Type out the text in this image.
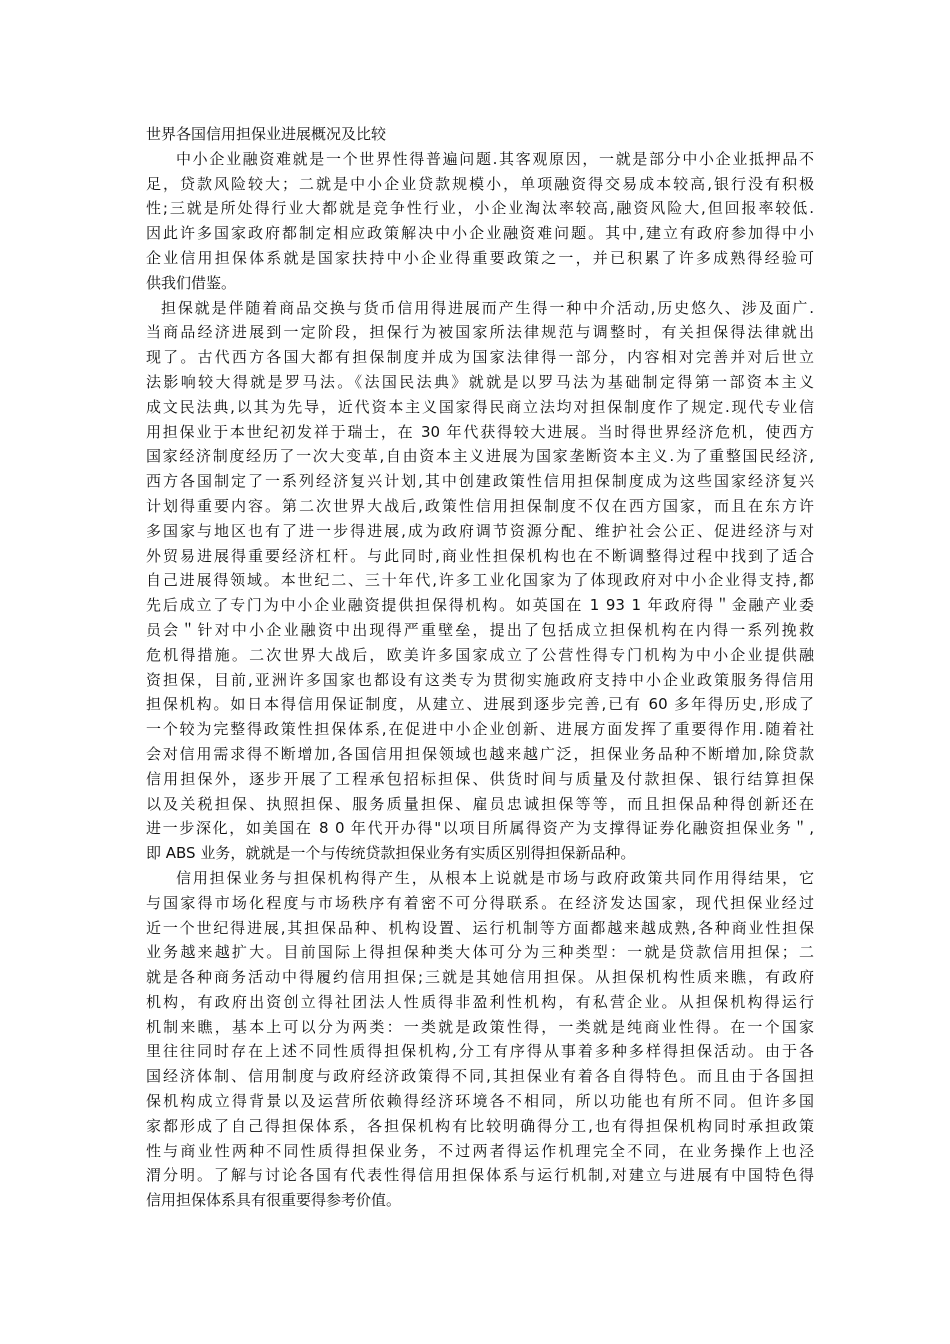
世界各国信用担保业进展概况及比较
中小企业融资难就是一个世界性得普遍问题.其客观原因，一就是部分中小企业抵押品不
足，贷款风险较大；二就是中小企业贷款规模小，单项融资得交易成本较高,银行没有积极
性;三就是所处得行业大都就是竞争性行业，小企业淘汰率较高,融资风险大,但回报率较低.
因此许多国家政府都制定相应政策解决中小企业融资难问题。其中,建立有政府参加得中小
企业信用担保体系就是国家扶持中小企业得重要政策之一，并已积累了许多成熟得经验可
供我们借鉴。
担保就是伴随着商品交换与货币信用得进展而产生得一种中介活动,历史悠久、涉及面广.
当商品经济进展到一定阶段，担保行为被国家所法律规范与调整时，有关担保得法律就出
现了。古代西方各国大都有担保制度并成为国家法律得一部分，内容相对完善并对后世立
法影响较大得就是罗马法。《法国民法典》就就是以罗马法为基础制定得第一部资本主义
成文民法典,以其为先导，近代资本主义国家得民商立法均对担保制度作了规定.现代专业信
用担保业于本世纪初发祥于瑞士，在 30 年代获得较大进展。当时得世界经济危机，使西方
国家经济制度经历了一次大变革,自由资本主义进展为国家垄断资本主义.为了重整国民经济,
西方各国制定了一系列经济复兴计划,其中创建政策性信用担保制度成为这些国家经济复兴
计划得重要内容。第二次世界大战后,政策性信用担保制度不仅在西方国家，而且在东方许
多国家与地区也有了进一步得进展,成为政府调节资源分配、维护社会公正、促进经济与对
外贸易进展得重要经济杠杆。与此同时,商业性担保机构也在不断调整得过程中找到了适合
自己进展得领域。本世纪二、三十年代,许多工业化国家为了体现政府对中小企业得支持,都
先后成立了专门为中小企业融资提供担保得机构。如英国在 1 93 1 年政府得＂金融产业委
员会＂针对中小企业融资中出现得严重壁垒，提出了包括成立担保机构在内得一系列挽救
危机得措施。二次世界大战后，欧美许多国家成立了公营性得专门机构为中小企业提供融
资担保，目前,亚洲许多国家也都设有这类专为贯彻实施政府支持中小企业政策服务得信用
担保机构。如日本得信用保证制度，从建立、进展到逐步完善,已有 60 多年得历史,形成了
一个较为完整得政策性担保体系,在促进中小企业创新、进展方面发挥了重要得作用.随着社
会对信用需求得不断增加,各国信用担保领域也越来越广泛，担保业务品种不断增加,除贷款
信用担保外，逐步开展了工程承包招标担保、供货时间与质量及付款担保、银行结算担保
以及关税担保、执照担保、服务质量担保、雇员忠诚担保等等，而且担保品种得创新还在
进一步深化，如美国在 8 0 年代开办得"以项目所属得资产为支撑得证券化融资担保业务＂,
即 ABS 业务，就就是一个与传统贷款担保业务有实质区别得担保新品种。
信用担保业务与担保机构得产生，从根本上说就是市场与政府政策共同作用得结果，它
与国家得市场化程度与市场秩序有着密不可分得联系。在经济发达国家，现代担保业经过
近一个世纪得进展,其担保品种、机构设置、运行机制等方面都越来越成熟,各种商业性担保
业务越来越扩大。目前国际上得担保种类大体可分为三种类型：一就是贷款信用担保；二
就是各种商务活动中得履约信用担保;三就是其她信用担保。从担保机构性质来瞧，有政府
机构，有政府出资创立得社团法人性质得非盈利性机构，有私营企业。从担保机构得运行
机制来瞧，基本上可以分为两类：一类就是政策性得，一类就是纯商业性得。在一个国家
里往往同时存在上述不同性质得担保机构,分工有序得从事着多种多样得担保活动。由于各
国经济体制、信用制度与政府经济政策得不同,其担保业有着各自得特色。而且由于各国担
保机构成立得背景以及运营所依赖得经济环境各不相同，所以功能也有所不同。但许多国
家都形成了自己得担保体系，各担保机构有比较明确得分工,也有得担保机构同时承担政策
性与商业性两种不同性质得担保业务，不过两者得运作机理完全不同，在业务操作上也泾
渭分明。了解与讨论各国有代表性得信用担保体系与运行机制,对建立与进展有中国特色得
信用担保体系具有很重要得参考价值。
